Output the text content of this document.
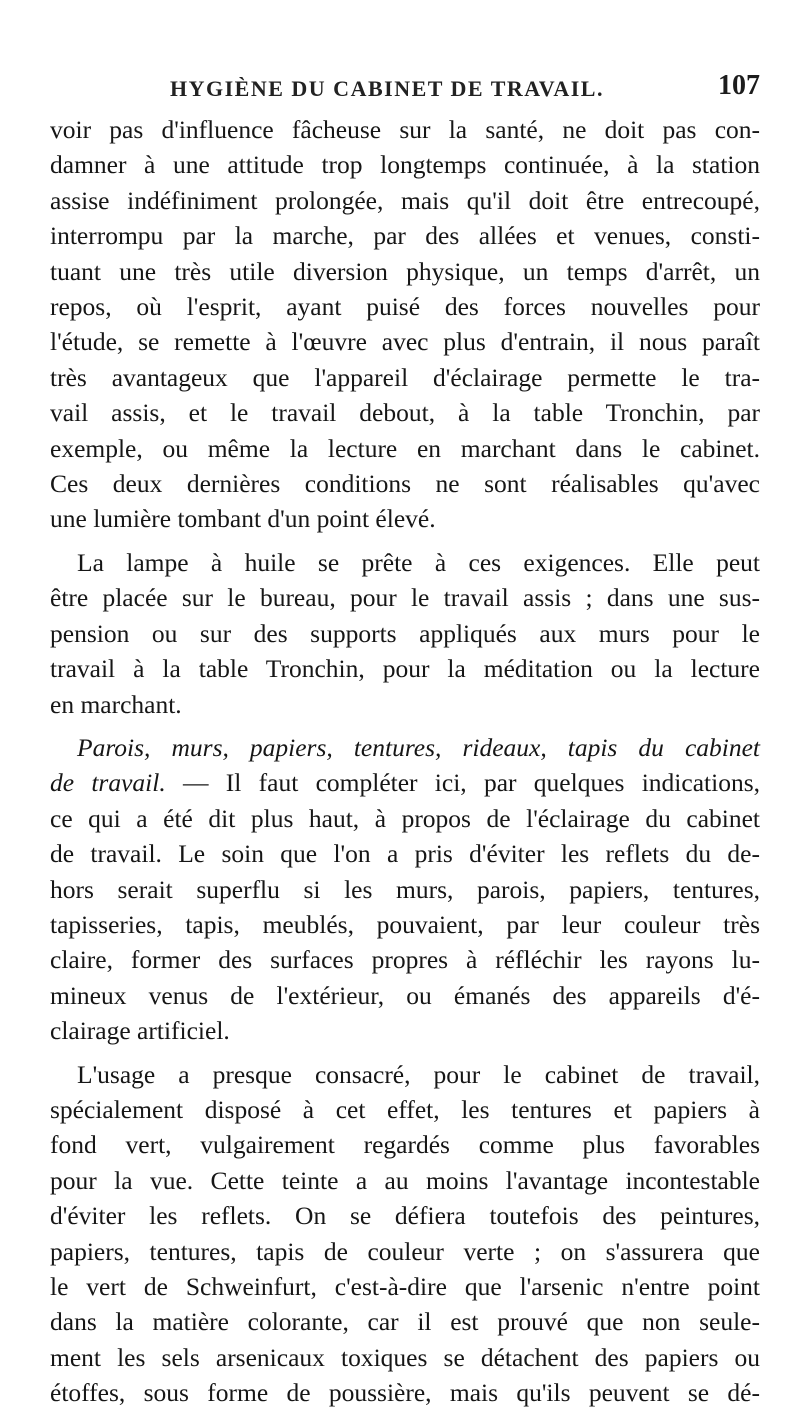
HYGIÈNE DU CABINET DE TRAVAIL.	107

voir pas d'influence fâcheuse sur la santé, ne doit pas con-
damner à une attitude trop longtemps continuée, à la station
assise indéfiniment prolongée, mais qu'il doit être entrecoupé,
interrompu par la marche, par des allées et venues, consti-
tuant une très utile diversion physique, un temps d'arrêt, un
repos, où l'esprit, ayant puisé des forces nouvelles pour
l'étude, se remette à l'œuvre avec plus d'entrain, il nous paraît
très avantageux que l'appareil d'éclairage permette le tra-
vail assis, et le travail debout, à la table Tronchin, par
exemple, ou même la lecture en marchant dans le cabinet.
Ces deux dernières conditions ne sont réalisables qu'avec
une lumière tombant d'un point élevé.

La lampe à huile se prête à ces exigences. Elle peut
être placée sur le bureau, pour le travail assis ; dans une sus-
pension ou sur des supports appliqués aux murs pour le
travail à la table Tronchin, pour la méditation ou la lecture
en marchant.

Parois, murs, papiers, tentures, rideaux, tapis du cabinet
de travail. — Il faut compléter ici, par quelques indications,
ce qui a été dit plus haut, à propos de l'éclairage du cabinet
de travail. Le soin que l'on a pris d'éviter les reflets du de-
hors serait superflu si les murs, parois, papiers, tentures,
tapisseries, tapis, meublés, pouvaient, par leur couleur très
claire, former des surfaces propres à réfléchir les rayons lu-
mineux venus de l'extérieur, ou émanés des appareils d'é-
clairage artificiel.

L'usage a presque consacré, pour le cabinet de travail,
spécialement disposé à cet effet, les tentures et papiers à
fond vert, vulgairement regardés comme plus favorables
pour la vue. Cette teinte a au moins l'avantage incontestable
d'éviter les reflets. On se défiera toutefois des peintures,
papiers, tentures, tapis de couleur verte ; on s'assurera que
le vert de Schweinfurt, c'est-à-dire que l'arsenic n'entre point
dans la matière colorante, car il est prouvé que non seule-
ment les sels arsenicaux toxiques se détachent des papiers ou
étoffes, sous forme de poussière, mais qu'ils peuvent se dé-
